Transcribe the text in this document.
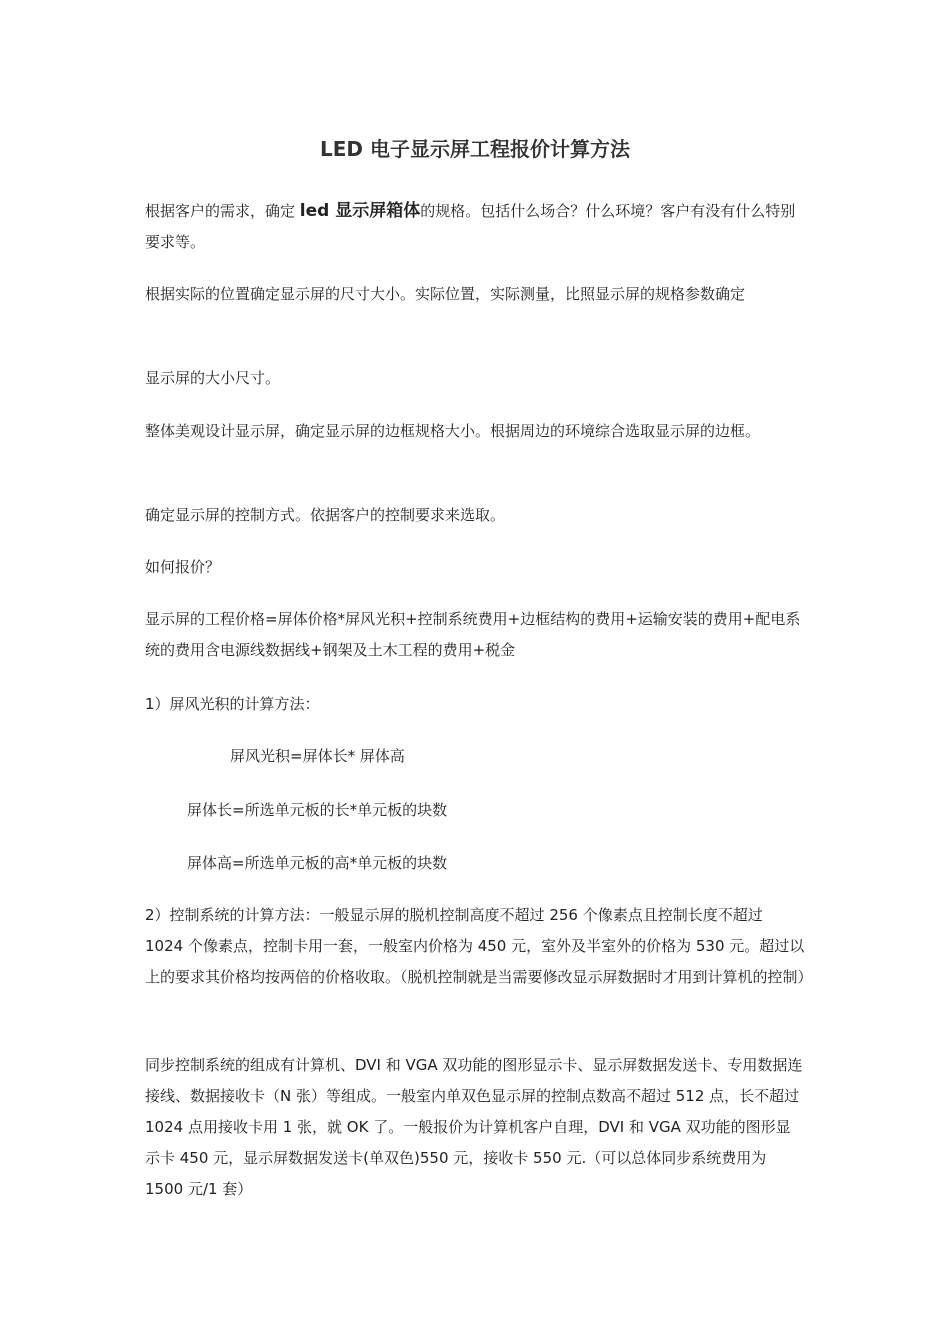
LED 电子显示屏工程报价计算方法

根据客户的需求，确定 led 显示屏箱体的规格。包括什么场合？什么环境？客户有没有什么特别要求等。

根据实际的位置确定显示屏的尺寸大小。实际位置，实际测量，比照显示屏的规格参数确定

显示屏的大小尺寸。

整体美观设计显示屏，确定显示屏的边框规格大小。根据周边的环境综合选取显示屏的边框。

确定显示屏的控制方式。依据客户的控制要求来选取。

如何报价？

显示屏的工程价格=屏体价格*屏风光积+控制系统费用+边框结构的费用+运输安装的费用+配电系统的费用含电源线数据线+钢架及土木工程的费用+税金

1）屏风光积的计算方法：

屏风光积=屏体长* 屏体高

屏体长=所选单元板的长*单元板的块数

屏体高=所选单元板的高*单元板的块数

2）控制系统的计算方法：一般显示屏的脱机控制高度不超过 256 个像素点且控制长度不超过 1024 个像素点，控制卡用一套，一般室内价格为 450 元，室外及半室外的价格为 530 元。超过以上的要求其价格均按两倍的价格收取。（脱机控制就是当需要修改显示屏数据时才用到计算机的控制）

同步控制系统的组成有计算机、DVI 和 VGA 双功能的图形显示卡、显示屏数据发送卡、专用数据连接线、数据接收卡（N 张）等组成。一般室内单双色显示屏的控制点数高不超过 512 点，长不超过 1024 点用接收卡用 1 张，就 OK 了。一般报价为计算机客户自理，DVI 和 VGA 双功能的图形显示卡 450 元，显示屏数据发送卡(单双色)550 元，接收卡 550 元.（可以总体同步系统费用为 1500 元/1 套）
